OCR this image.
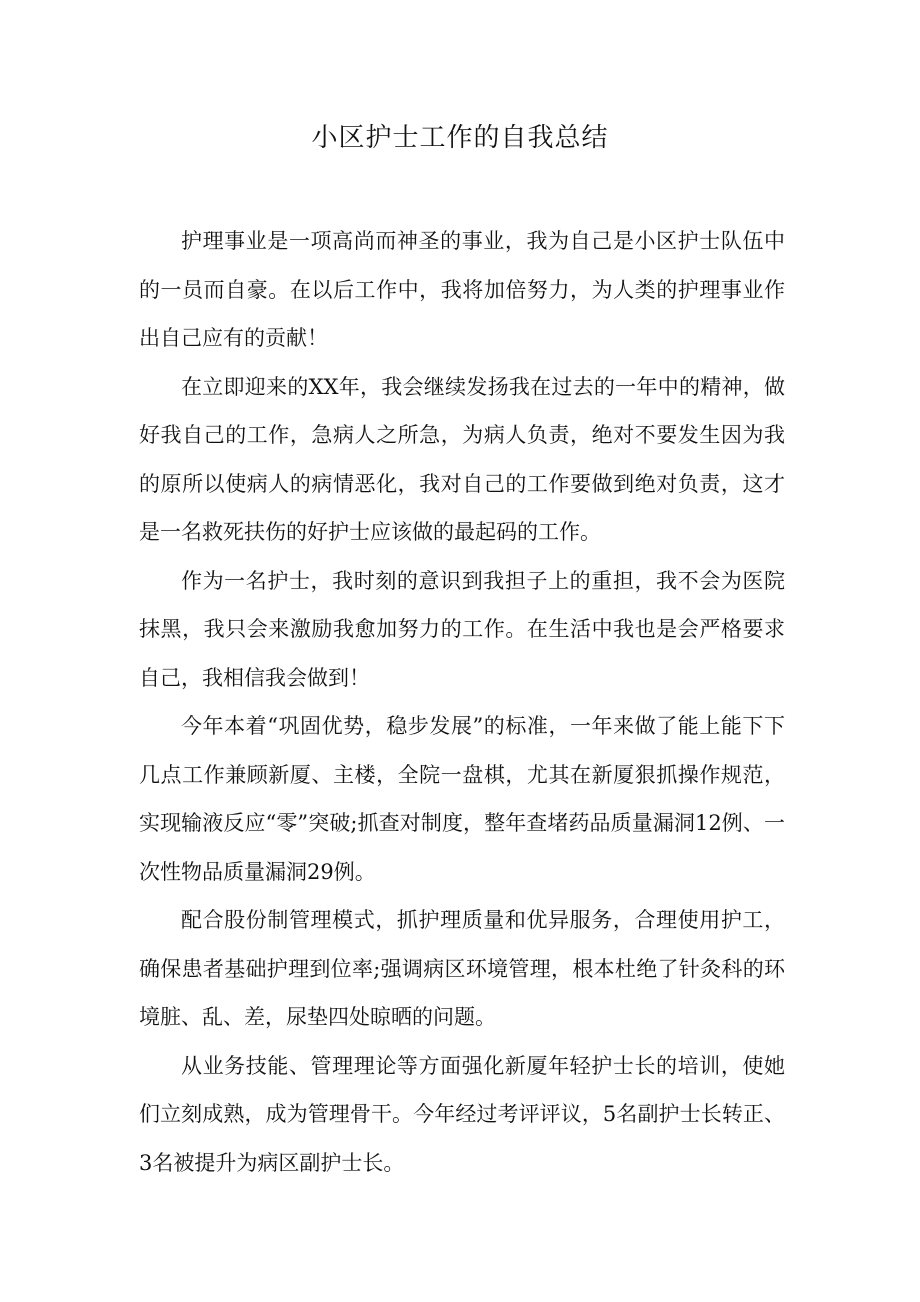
小区护士工作的自我总结

护理事业是一项高尚而神圣的事业，我为自己是小区护士队伍中的一员而自豪。在以后工作中，我将加倍努力，为人类的护理事业作出自己应有的贡献！

在立即迎来的XX年，我会继续发扬我在过去的一年中的精神，做好我自己的工作，急病人之所急，为病人负责，绝对不要发生因为我的原所以使病人的病情恶化，我对自己的工作要做到绝对负责，这才是一名救死扶伤的好护士应该做的最起码的工作。

作为一名护士，我时刻的意识到我担子上的重担，我不会为医院抹黑，我只会来激励我愈加努力的工作。在生活中我也是会严格要求自己，我相信我会做到！

今年本着“巩固优势，稳步发展”的标准，一年来做了能上能下下几点工作兼顾新厦、主楼，全院一盘棋，尤其在新厦狠抓操作规范，实现输液反应“零”突破;抓查对制度，整年查堵药品质量漏洞12例、一次性物品质量漏洞29例。

配合股份制管理模式，抓护理质量和优异服务，合理使用护工，确保患者基础护理到位率;强调病区环境管理，根本杜绝了针灸科的环境脏、乱、差，尿垫四处晾晒的问题。

从业务技能、管理理论等方面强化新厦年轻护士长的培训，使她们立刻成熟，成为管理骨干。今年经过考评评议，5名副护士长转正、3名被提升为病区副护士长。
